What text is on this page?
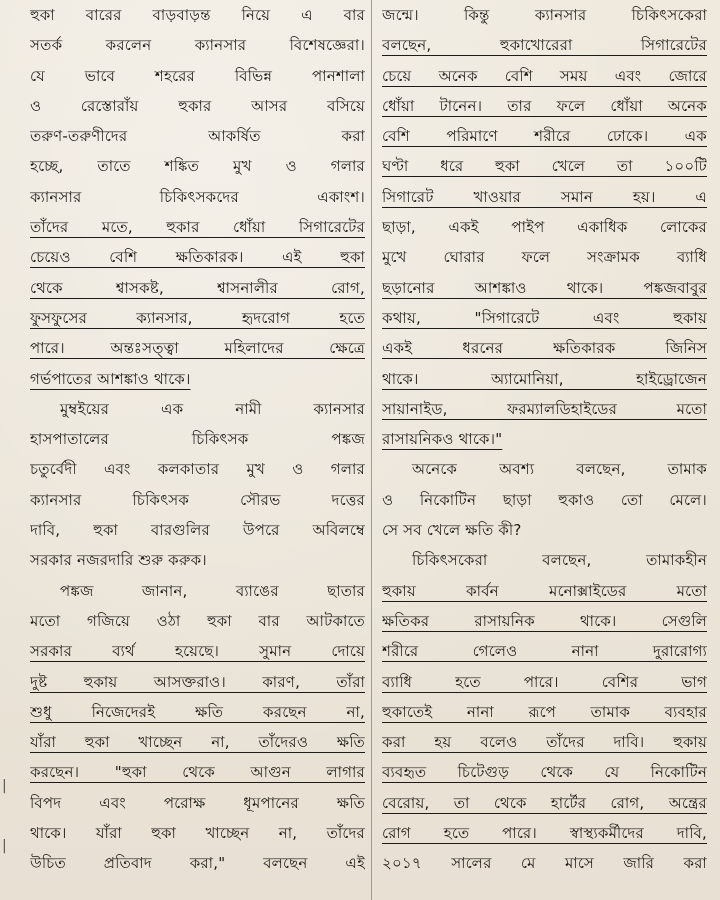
|
|
হুকা বারের বাড়বাড়ন্ত নিয়ে এ বার
সতর্ক করলেন ক্যানসার বিশেষজ্ঞেরা।
যে ভাবে শহরের বিভিন্ন পানশালা
ও রেস্তোরাঁয় হুকার আসর বসিয়ে
তরুণ-তরুণীদের আকর্ষিত করা
হচ্ছে, তাতে শঙ্কিত মুখ ও গলার
ক্যানসার চিকিৎসকদের একাংশ।
তাঁদের মতে, হুকার ধোঁয়া সিগারেটের
চেয়েও বেশি ক্ষতিকারক। এই হুকা
থেকে শ্বাসকষ্ট, শ্বাসনালীর রোগ,
ফুসফুসের ক্যানসার, হৃদরোগ হতে
পারে। অন্তঃসত্ত্বা মহিলাদের ক্ষেত্রে
গর্ভপাতের আশঙ্কাও থাকে।
মুম্বইয়ের এক নামী ক্যানসার
হাসপাতালের চিকিৎসক পঙ্কজ
চতুর্বেদী এবং কলকাতার মুখ ও গলার
ক্যানসার চিকিৎসক সৌরভ দত্তের
দাবি, হুকা বারগুলির উপরে অবিলম্বে
সরকার নজরদারি শুরু করুক।
পঙ্কজ জানান, ব্যাঙের ছাতার
মতো গজিয়ে ওঠা হুকা বার আটকাতে
সরকার ব্যর্থ হয়েছে। সুমান দোয়ে
দুষ্ট হুকায় আসক্তরাও। কারণ, তাঁরা
শুধু নিজেদেরই ক্ষতি করছেন না,
যাঁরা হুকা খাচ্ছেন না, তাঁদেরও ক্ষতি
করছেন। "হুকা থেকে আগুন লাগার
বিপদ এবং পরোক্ষ ধূমপানের ক্ষতি
থাকে। যাঁরা হুকা খাচ্ছেন না, তাঁদের
উচিত প্রতিবাদ করা," বলছেন এই
জন্মে। কিন্তু ক্যানসার চিকিৎসকেরা
বলছেন, হুকাখোরেরা সিগারেটের
চেয়ে অনেক বেশি সময় এবং জোরে
ধোঁয়া টানেন। তার ফলে ধোঁয়া অনেক
বেশি পরিমাণে শরীরে ঢোকে। এক
ঘণ্টা ধরে হুকা খেলে তা ১০০টি
সিগারেট খাওয়ার সমান হয়। এ
ছাড়া, একই পাইপ একাধিক লোকের
মুখে ঘোরার ফলে সংক্রামক ব্যাধি
ছড়ানোর আশঙ্কাও থাকে। পঙ্কজবাবুর
কথায়, "সিগারেটে এবং হুকায়
একই ধরনের ক্ষতিকারক জিনিস
থাকে। অ্যামোনিয়া, হাইড্রোজেন
সায়ানাইড, ফরম্যালডিহাইডের মতো
রাসায়নিকও থাকে।"
অনেকে অবশ্য বলছেন, তামাক
ও নিকোটিন ছাড়া হুকাও তো মেলে।
সে সব খেলে ক্ষতি কী?
চিকিৎসকেরা বলছেন, তামাকহীন
হুকায় কার্বন মনোক্সাইডের মতো
ক্ষতিকর রাসায়নিক থাকে। সেগুলি
শরীরে গেলেও নানা দুরারোগ্য
ব্যাধি হতে পারে। বেশির ভাগ
হুকাতেই নানা রূপে তামাক ব্যবহার
করা হয় বলেও তাঁদের দাবি। হুকায়
ব্যবহৃত চিটেগুড় থেকে যে নিকোটিন
বেরোয়, তা থেকে হার্টের রোগ, অন্ত্রের
রোগ হতে পারে। স্বাস্থ্যকর্মীদের দাবি,
২০১৭ সালের মে মাসে জারি করা
